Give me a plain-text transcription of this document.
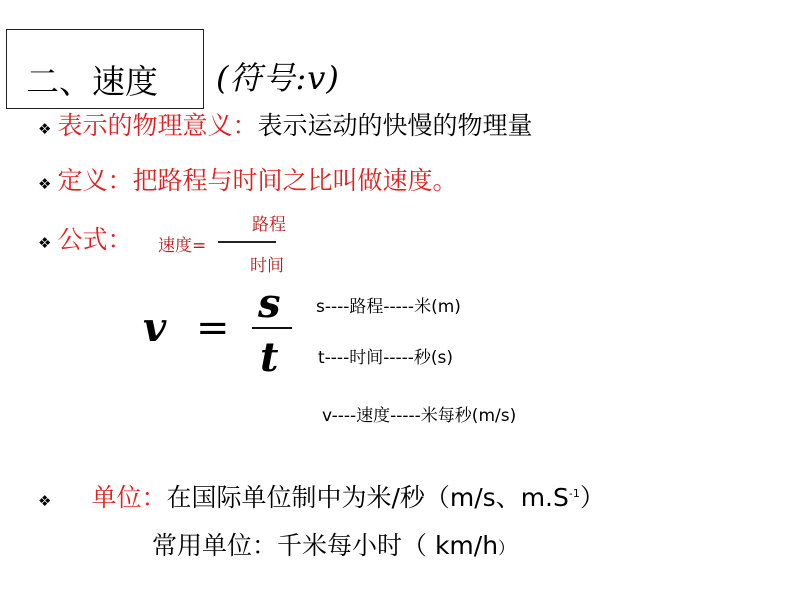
二、速度 (符号:v)
❖ 表示的物理意义：表示运动的快慢的物理量
❖ 定义：把路程与时间之比叫做速度。
❖ 公式： 速度=
路程
时间
v =
s
t
s----路程-----米(m)
t----时间-----秒(s)
v----速度-----米每秒(m/s)
❖ 单位：在国际单位制中为米/秒（m/s、$m.S^{-1}$）
常用单位：千米每小时（ km/h）
